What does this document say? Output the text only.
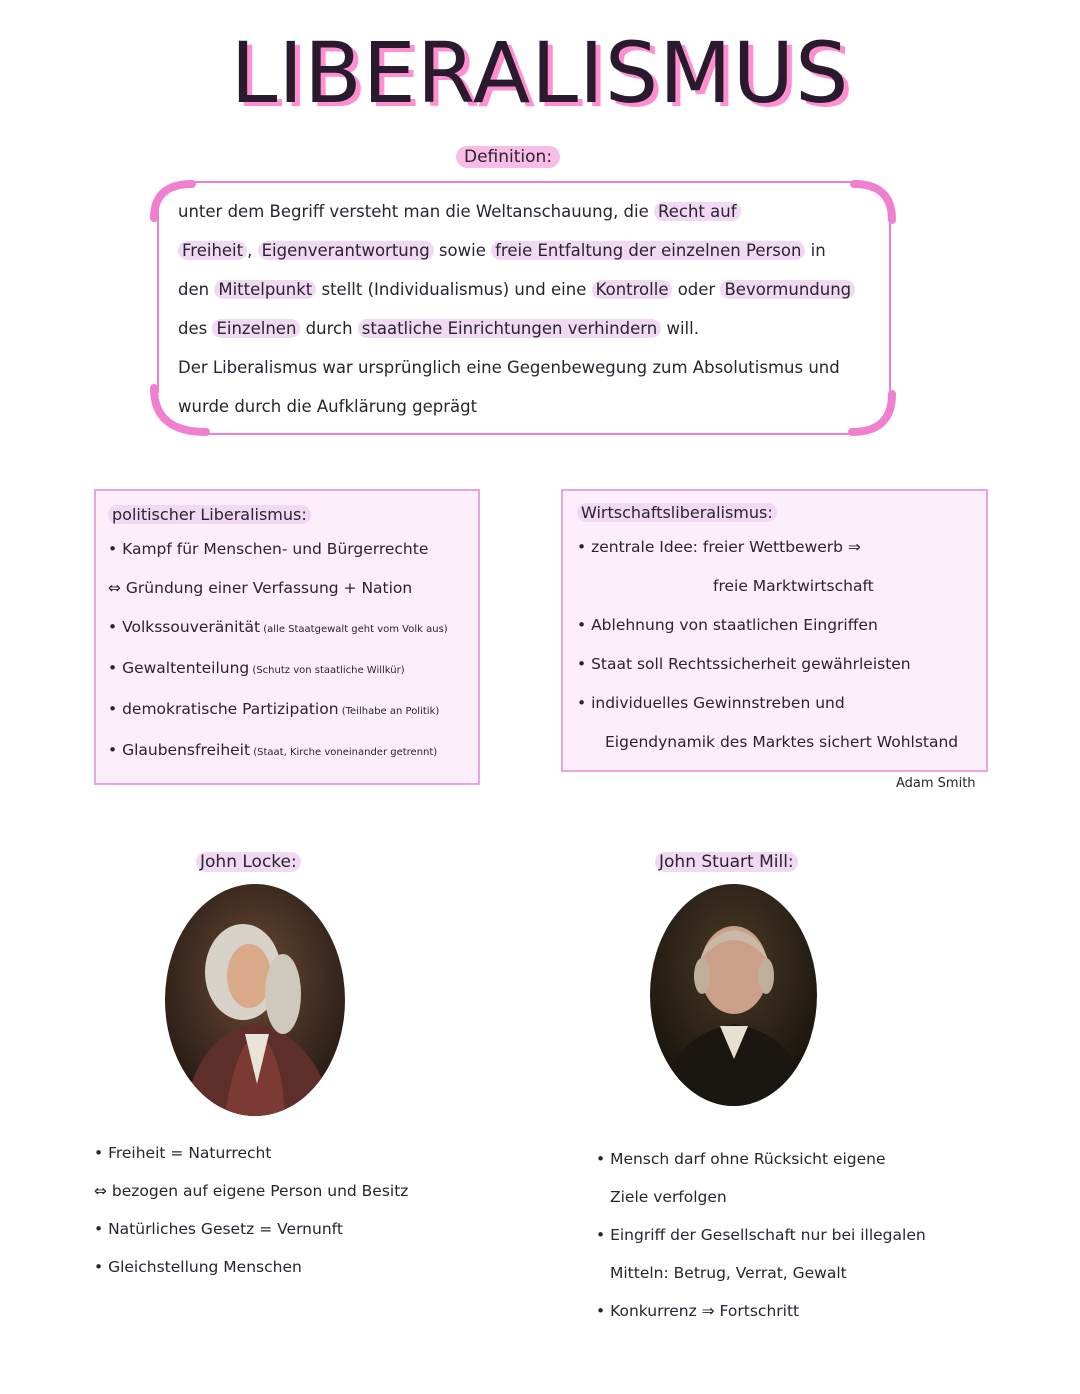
LIBERALISMUS
Definition:
unter dem Begriff versteht man die Weltanschauung, die Recht auf
Freiheit , Eigenverantwortung sowie freie Entfaltung der einzelnen Person in
den Mittelpunkt stellt (Individualismus) und eine Kontrolle oder Bevormundung
des Einzelnen durch staatliche Einrichtungen verhindern will.
Der Liberalismus war ursprünglich eine Gegenbewegung zum Absolutismus und
wurde durch die Aufklärung geprägt
politischer Liberalismus:
• Kampf für Menschen- und Bürgerrechte
⇔ Gründung einer Verfassung + Nation
• Volkssouveränität (alle Staatgewalt geht vom Volk aus)
• Gewaltenteilung (Schutz von staatliche Willkür)
• demokratische Partizipation (Teilhabe an Politik)
• Glaubensfreiheit (Staat, Kirche voneinander getrennt)
Wirtschaftsliberalismus:
• zentrale Idee: freier Wettbewerb ⇒
freie Marktwirtschaft
• Ablehnung von staatlichen Eingriffen
• Staat soll Rechtssicherheit gewährleisten
• individuelles Gewinnstreben und
Eigendynamik des Marktes sichert Wohlstand
Adam Smith
John Locke:
• Freiheit = Naturrecht
⇔ bezogen auf eigene Person und Besitz
• Natürliches Gesetz = Vernunft
• Gleichstellung Menschen
John Stuart Mill:
• Mensch darf ohne Rücksicht eigene
Ziele verfolgen
• Eingriff der Gesellschaft nur bei illegalen
Mitteln: Betrug, Verrat, Gewalt
• Konkurrenz ⇒ Fortschritt
